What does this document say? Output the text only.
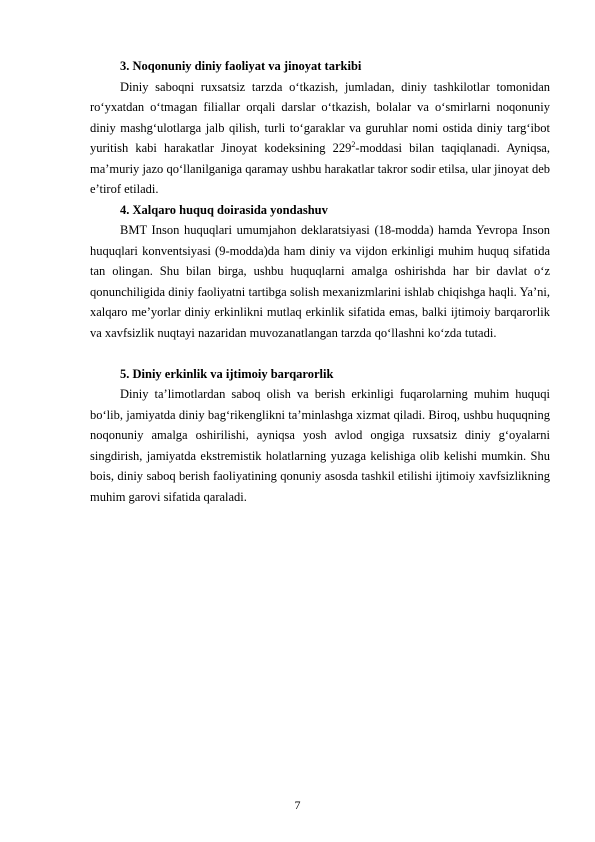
3. Noqonuniy diniy faoliyat va jinoyat tarkibi

Diniy saboqni ruxsatsiz tarzda o‘tkazish, jumladan, diniy tashkilotlar tomonidan ro‘yxatdan o‘tmagan filiallar orqali darslar o‘tkazish, bolalar va o‘smirlarni noqonuniy diniy mashg‘ulotlarga jalb qilish, turli to‘garaklar va guruhlar nomi ostida diniy targ‘ibot yuritish kabi harakatlar Jinoyat kodeksining $229^2$-moddasi bilan taqiqlanadi. Ayniqsa, ma’muriy jazo qo‘llanilganiga qaramay ushbu harakatlar takror sodir etilsa, ular jinoyat deb e’tirof etiladi.

4. Xalqaro huquq doirasida yondashuv

BMT Inson huquqlari umumjahon deklaratsiyasi (18-modda) hamda Yevropa Inson huquqlari konventsiyasi (9-modda)da ham diniy va vijdon erkinligi muhim huquq sifatida tan olingan. Shu bilan birga, ushbu huquqlarni amalga oshirishda har bir davlat o‘z qonunchiligida diniy faoliyatni tartibga solish mexanizmlarini ishlab chiqishga haqli. Ya’ni, xalqaro me’yorlar diniy erkinlikni mutlaq erkinlik sifatida emas, balki ijtimoiy barqarorlik va xavfsizlik nuqtayi nazaridan muvozanatlangan tarzda qo‘llashni ko‘zda tutadi.

5. Diniy erkinlik va ijtimoiy barqarorlik

Diniy ta’limotlardan saboq olish va berish erkinligi fuqarolarning muhim huquqi bo‘lib, jamiyatda diniy bag‘rikenglikni ta’minlashga xizmat qiladi. Biroq, ushbu huquqning noqonuniy amalga oshirilishi, ayniqsa yosh avlod ongiga ruxsatsiz diniy g‘oyalarni singdirish, jamiyatda ekstremistik holatlarning yuzaga kelishiga olib kelishi mumkin. Shu bois, diniy saboq berish faoliyatining qonuniy asosda tashkil etilishi ijtimoiy xavfsizlikning muhim garovi sifatida qaraladi.

7
